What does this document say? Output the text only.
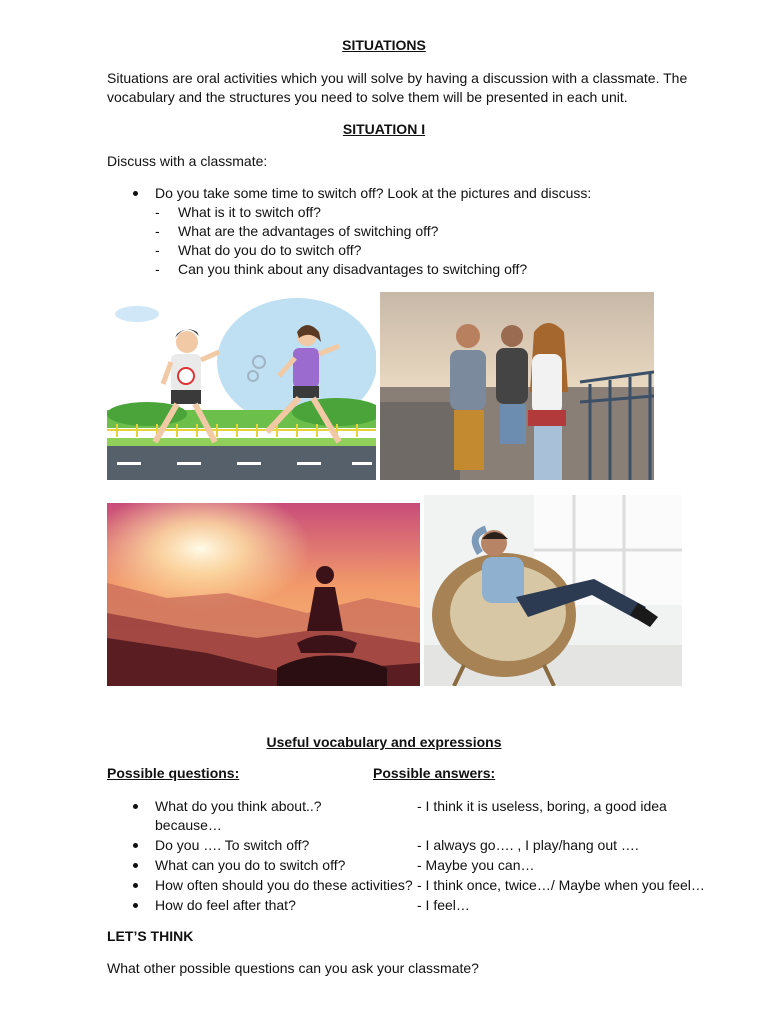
SITUATIONS

Situations are oral activities which you will solve by having a discussion with a classmate. The vocabulary and the structures you need to solve them will be presented in each unit.

SITUATION I
Discuss with a classmate:
Do you take some time to switch off? Look at the pictures and discuss:
- What is it to switch off?
- What are the advantages of switching off?
- What do you do to switch off?
- Can you think about any disadvantages to switching off?
Useful vocabulary and expressions
Possible questions:	Possible answers:
What do you think about..?
because…
Do you …. To switch off?
What can you do to switch off?
How often should you do these activities?
How do feel after that?
- I think it is useless, boring, a good idea
- I always go…. , I play/hang out ….
- Maybe you can…
- I think once, twice…/ Maybe when you feel…
- I feel…
LET’S THINK
What other possible questions can you ask your classmate?
